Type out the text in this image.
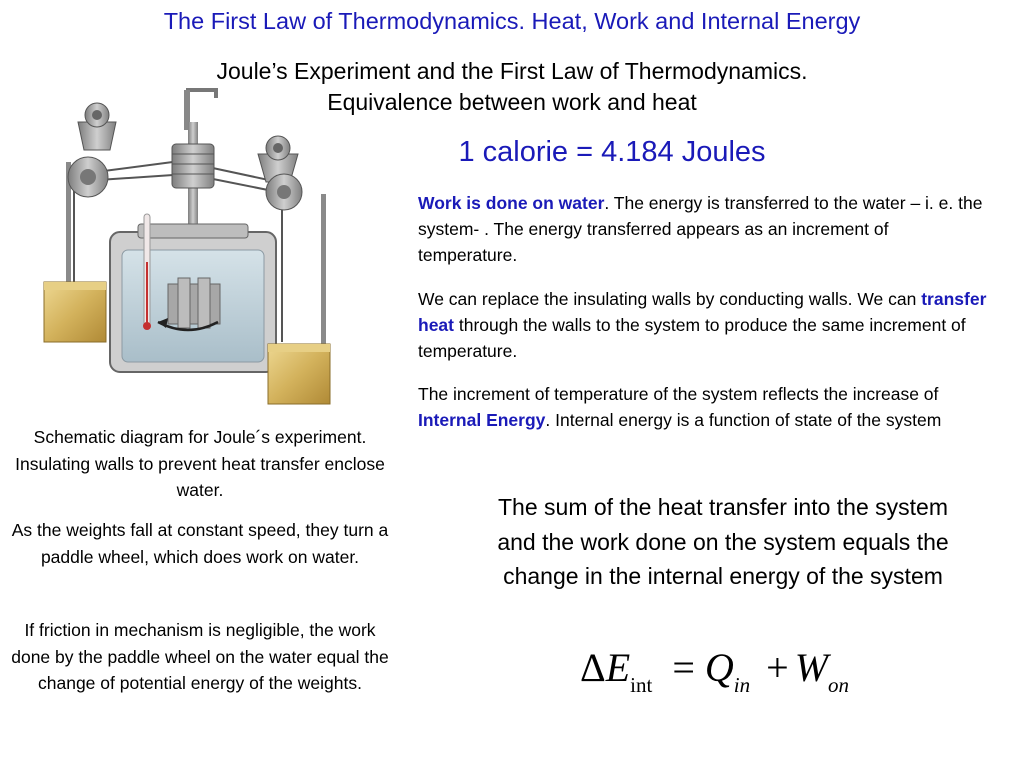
The First Law of Thermodynamics. Heat, Work and Internal Energy
Joule’s Experiment and the First Law of Thermodynamics.
Equivalence between work and heat
1 calorie = 4.184 Joules

Work is done on water. The energy is transferred to the water – i. e. the system- . The energy transferred appears as an increment of temperature.

We can replace the insulating walls by conducting walls. We can transfer heat through the walls to the system to produce the same increment of temperature.

The increment of temperature of the system reflects the increase of Internal Energy. Internal energy is a function of state of the system

Schematic diagram for Joule´s experiment. Insulating walls to prevent heat transfer enclose water.

As the weights fall at constant speed, they turn a paddle wheel, which does work on water.

If friction in mechanism is negligible, the work done by the paddle wheel on the water equal the change of potential energy of the weights.

The sum of the heat transfer into the system and the work done on the system equals the change in the internal energy of the system
ΔEint = Qin + Won
